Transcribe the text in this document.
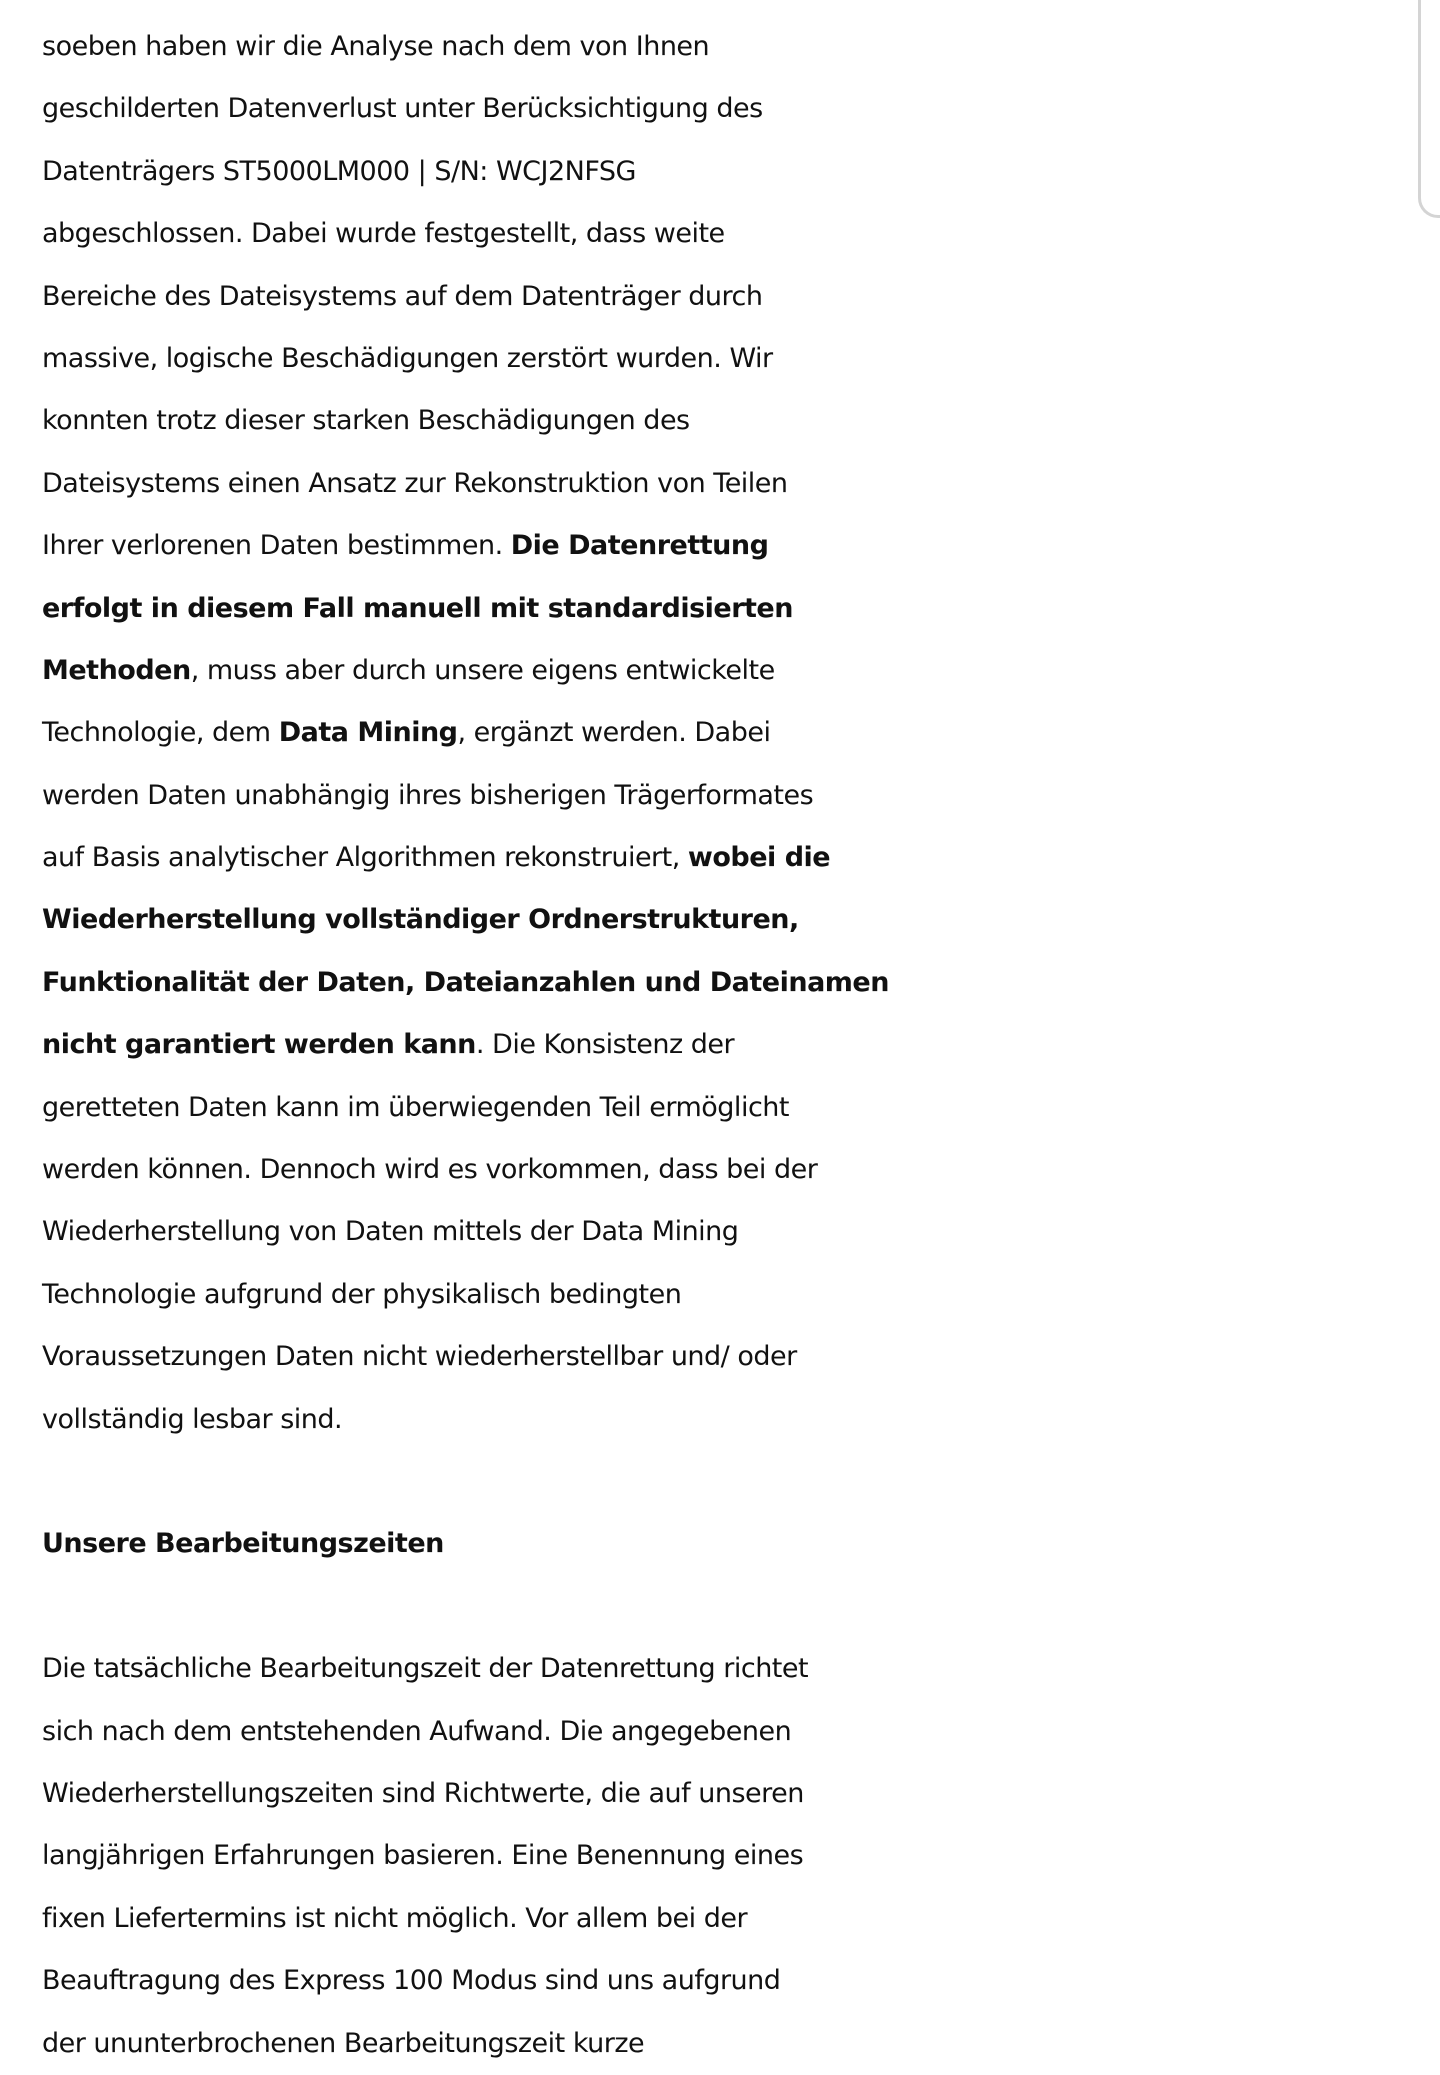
soeben haben wir die Analyse nach dem von Ihnen
geschilderten Datenverlust unter Berücksichtigung des
Datenträgers ST5000LM000 | S/N: WCJ2NFSG
abgeschlossen. Dabei wurde festgestellt, dass weite
Bereiche des Dateisystems auf dem Datenträger durch
massive, logische Beschädigungen zerstört wurden. Wir
konnten trotz dieser starken Beschädigungen des
Dateisystems einen Ansatz zur Rekonstruktion von Teilen
Ihrer verlorenen Daten bestimmen. Die Datenrettung
erfolgt in diesem Fall manuell mit standardisierten
Methoden, muss aber durch unsere eigens entwickelte
Technologie, dem Data Mining, ergänzt werden. Dabei
werden Daten unabhängig ihres bisherigen Trägerformates
auf Basis analytischer Algorithmen rekonstruiert, wobei die
Wiederherstellung vollständiger Ordnerstrukturen,
Funktionalität der Daten, Dateianzahlen und Dateinamen
nicht garantiert werden kann. Die Konsistenz der
geretteten Daten kann im überwiegenden Teil ermöglicht
werden können. Dennoch wird es vorkommen, dass bei der
Wiederherstellung von Daten mittels der Data Mining
Technologie aufgrund der physikalisch bedingten
Voraussetzungen Daten nicht wiederherstellbar und/ oder
vollständig lesbar sind.
Unsere Bearbeitungszeiten
Die tatsächliche Bearbeitungszeit der Datenrettung richtet
sich nach dem entstehenden Aufwand. Die angegebenen
Wiederherstellungszeiten sind Richtwerte, die auf unseren
langjährigen Erfahrungen basieren. Eine Benennung eines
fixen Liefertermins ist nicht möglich. Vor allem bei der
Beauftragung des Express 100 Modus sind uns aufgrund
der ununterbrochenen Bearbeitungszeit kurze
